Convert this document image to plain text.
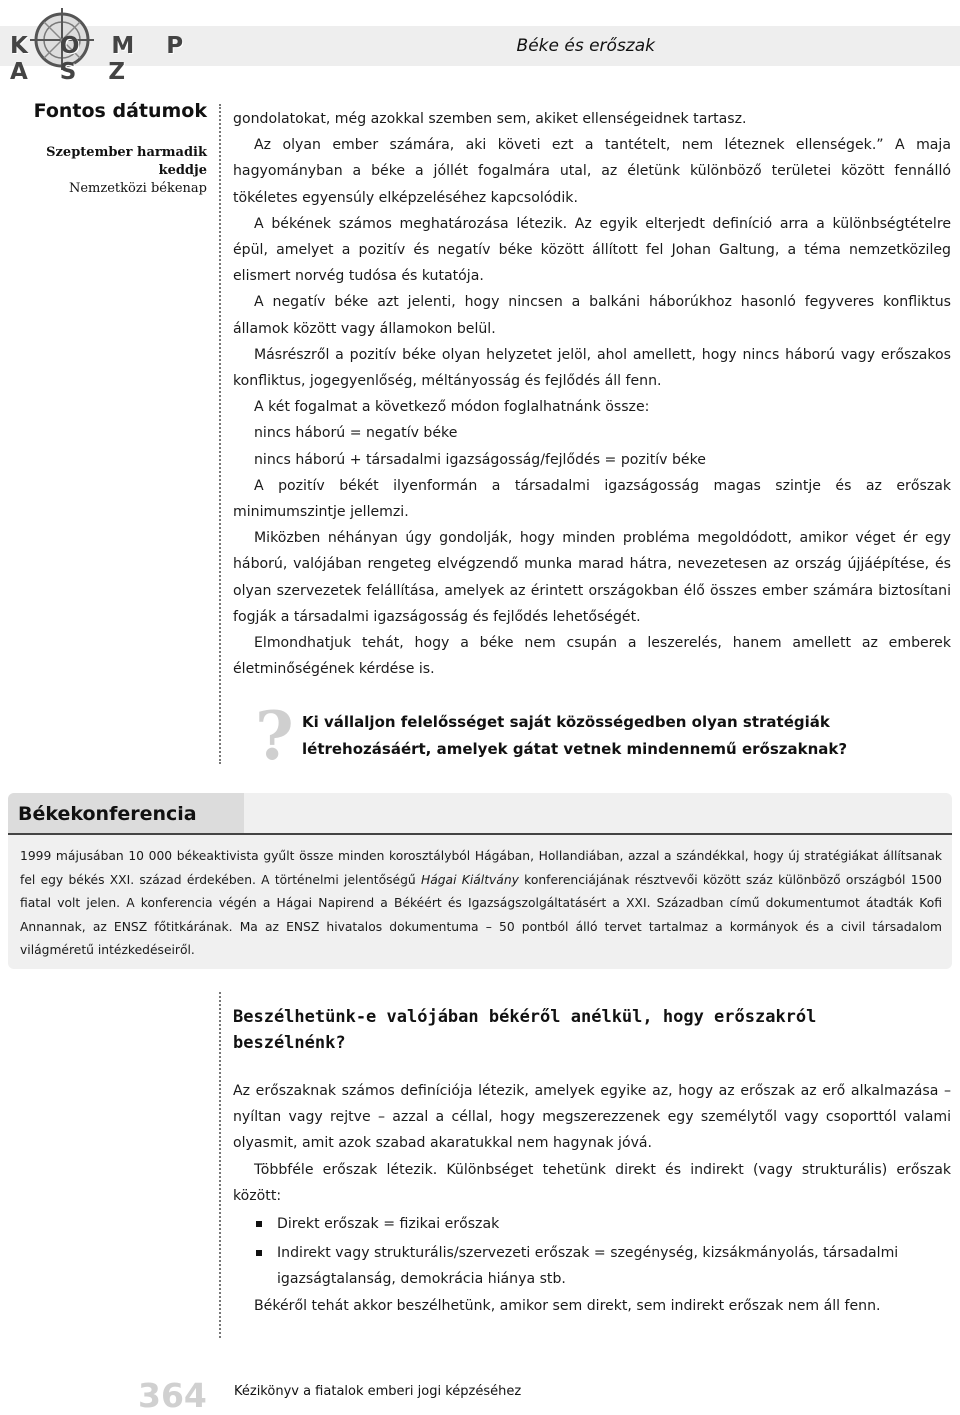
K O M P A S Z
Béke és erőszak
Fontos dátumok
Szeptember harmadik
keddje
Nemzetközi békenap

gondolatokat, még azokkal szemben sem, akiket ellenségeidnek tartasz.

Az olyan ember számára, aki követi ezt a tantételt, nem léteznek ellenségek.” A maja hagyományban a béke a jóllét fogalmára utal, az életünk különböző területei között fennálló tökéletes egyensúly elképzeléséhez kapcsolódik.

A békének számos meghatározása létezik. Az egyik elterjedt definíció arra a különbségtételre épül, amelyet a pozitív és negatív béke között állított fel Johan Galtung, a téma nemzetközileg elismert norvég tudósa és kutatója.

A negatív béke azt jelenti, hogy nincsen a balkáni háborúkhoz hasonló fegyveres konfliktus államok között vagy államokon belül.

Másrészről a pozitív béke olyan helyzetet jelöl, ahol amellett, hogy nincs háború vagy erőszakos konfliktus, jogegyenlőség, méltányosság és fejlődés áll fenn.

A két fogalmat a következő módon foglalhatnánk össze:

nincs háború = negatív béke

nincs háború + társadalmi igazságosság/fejlődés = pozitív béke

A pozitív békét ilyenformán a társadalmi igazságosság magas szintje és az erőszak minimumszintje jellemzi.

Miközben néhányan úgy gondolják, hogy minden probléma megoldódott, amikor véget ér egy háború, valójában rengeteg elvégzendő munka marad hátra, nevezetesen az ország újjáépítése, és olyan szervezetek felállítása, amelyek az érintett országokban élő összes ember számára biztosítani fogják a társadalmi igazságosság és fejlődés lehetőségét.

Elmondhatjuk tehát, hogy a béke nem csupán a leszerelés, hanem amellett az emberek életminőségének kérdése is.

? Ki vállaljon felelősséget saját közösségedben olyan stratégiák létrehozásáért, amelyek gátat vetnek mindennemű erőszaknak?
Békekonferencia
1999 májusában 10 000 békeaktivista gyűlt össze minden korosztályból Hágában, Hollandiában, azzal a szándékkal, hogy új stratégiákat állítsanak fel egy békés XXI. század érdekében. A történelmi jelentőségű Hágai Kiáltvány konferenciájának résztvevői között száz különböző országból 1500 fiatal volt jelen. A konferencia végén a Hágai Napirend a Békéért és Igazságszolgáltatásért a XXI. Században című dokumentumot átadták Kofi Annannak, az ENSZ főtitkárának. Ma az ENSZ hivatalos dokumentuma – 50 pontból álló tervet tartalmaz a kormányok és a civil társadalom világméretű intézkedéseiről.
Beszélhetünk-e valójában békéről anélkül, hogy erőszakról beszélnénk?

Az erőszaknak számos definíciója létezik, amelyek egyike az, hogy az erőszak az erő alkalmazása – nyíltan vagy rejtve – azzal a céllal, hogy megszerezzenek egy személytől vagy csoporttól valami olyasmit, amit azok szabad akaratukkal nem hagynak jóvá.

Többféle erőszak létezik. Különbséget tehetünk direkt és indirekt (vagy strukturális) erőszak között:

Direkt erőszak = fizikai erőszak
Indirekt vagy strukturális/szervezeti erőszak = szegénység, kizsákmányolás, társadalmi igazságtalanság, demokrácia hiánya stb.

Békéről tehát akkor beszélhetünk, amikor sem direkt, sem indirekt erőszak nem áll fenn.

364 Kézikönyv a fiatalok emberi jogi képzéséhez
